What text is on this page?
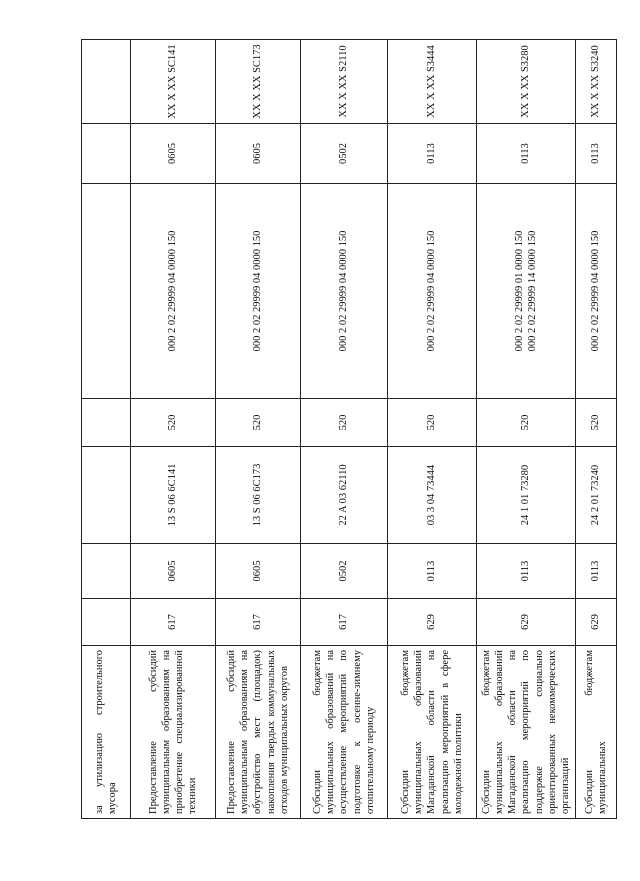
за утилизацию строительного мусора							
Предоставление субсидий муниципальным образованиям на приобретение специализированной техники	617	0605	13 S 06 6C141	520	000 2 02 29999 04 0000 150	0605	XX X XX SC141
Предоставление субсидий муниципальным образованиям на обустройство мест (площадок) накопления твердых коммунальных отходов муниципальных округов	617	0605	13 S 06 6C173	520	000 2 02 29999 04 0000 150	0605	XX X XX SC173
Субсидии бюджетам муниципальных образований на осуществление мероприятий по подготовке к осенне-зимнему отопительному периоду	617	0502	22 A 03 62110	520	000 2 02 29999 04 0000 150	0502	XX X XX S2110
Субсидии бюджетам муниципальных образований Магаданской области на реализацию мероприятий в сфере молодежной политики	629	0113	03 3 04 73444	520	000 2 02 29999 04 0000 150	0113	XX X XX S3444
Субсидии бюджетам муниципальных образований Магаданской области на реализацию мероприятий по поддержке социально ориентированных некоммерческих организаций	629	0113	24 1 01 73280	520	000 2 02 29999 01 0000 150 000 2 02 29999 14 0000 150	0113	XX X XX S3280
Субсидии бюджетам муниципальных	629	0113	24 2 01 73240	520	000 2 02 29999 04 0000 150	0113	XX X XX S3240
